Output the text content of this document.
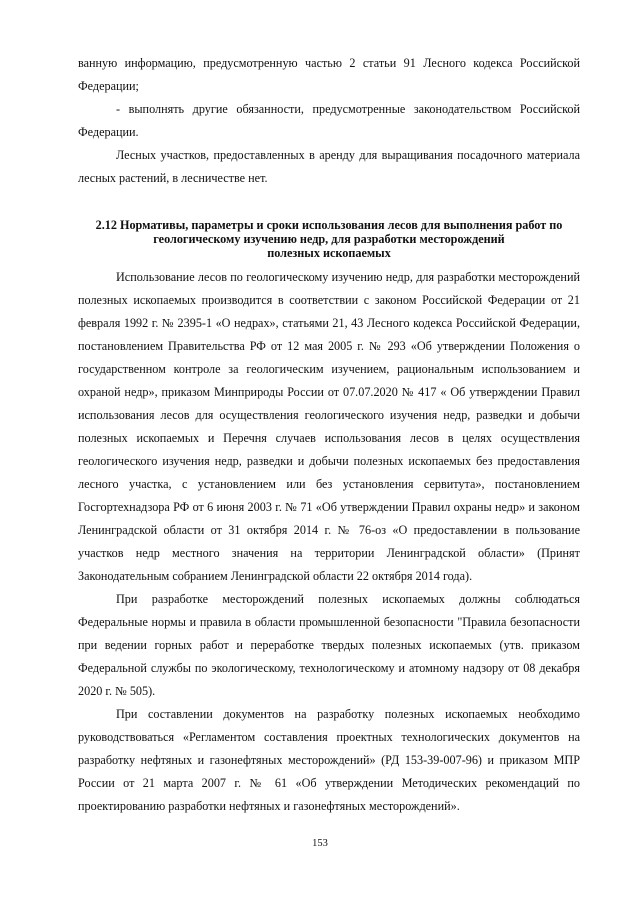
ванную информацию, предусмотренную частью 2 статьи 91 Лесного кодекса Российской Федерации;

- выполнять другие обязанности, предусмотренные законодательством Российской Федерации.

Лесных участков, предоставленных в аренду для выращивания посадочного материала лесных растений, в лесничестве нет.

2.12 Нормативы, параметры и сроки использования лесов для выполнения работ по
геологическому изучению недр, для разработки месторождений
полезных ископаемых

Использование лесов по геологическому изучению недр, для разработки месторождений полезных ископаемых производится в соответствии с законом Российской Федерации от 21 февраля 1992 г. № 2395-1 «О недрах», статьями 21, 43 Лесного кодекса Российской Федерации, постановлением Правительства РФ от 12 мая 2005 г. № 293 «Об утверждении Положения о государственном контроле за геологическим изучением, рациональным использованием и охраной недр», приказом Минприроды России от 07.07.2020 № 417 « Об утверждении Правил использования лесов для осуществления геологического изучения недр, разведки и добычи полезных ископаемых и Перечня случаев использования лесов в целях осуществления геологического изучения недр, разведки и добычи полезных ископаемых без предоставления лесного участка, с установлением или без установления сервитута», постановлением Госгортехнадзора РФ от 6 июня 2003 г. № 71 «Об утверждении Правил охраны недр» и законом Ленинградской области от 31 октября 2014 г. № 76-оз «О предоставлении в пользование участков недр местного значения на территории Ленинградской области» (Принят Законодательным собранием Ленинградской области 22 октября 2014 года).

При разработке месторождений полезных ископаемых должны соблюдаться Федеральные нормы и правила в области промышленной безопасности "Правила безопасности при ведении горных работ и переработке твердых полезных ископаемых (утв. приказом Федеральной службы по экологическому, технологическому и атомному надзору от 08 декабря 2020 г. № 505).

При составлении документов на разработку полезных ископаемых необходимо руководствоваться «Регламентом составления проектных технологических документов на разработку нефтяных и газонефтяных месторождений» (РД 153-39-007-96) и приказом МПР России от 21 марта 2007 г. № 61 «Об утверждении Методических рекомендаций по проектированию разработки нефтяных и газонефтяных месторождений».

153
